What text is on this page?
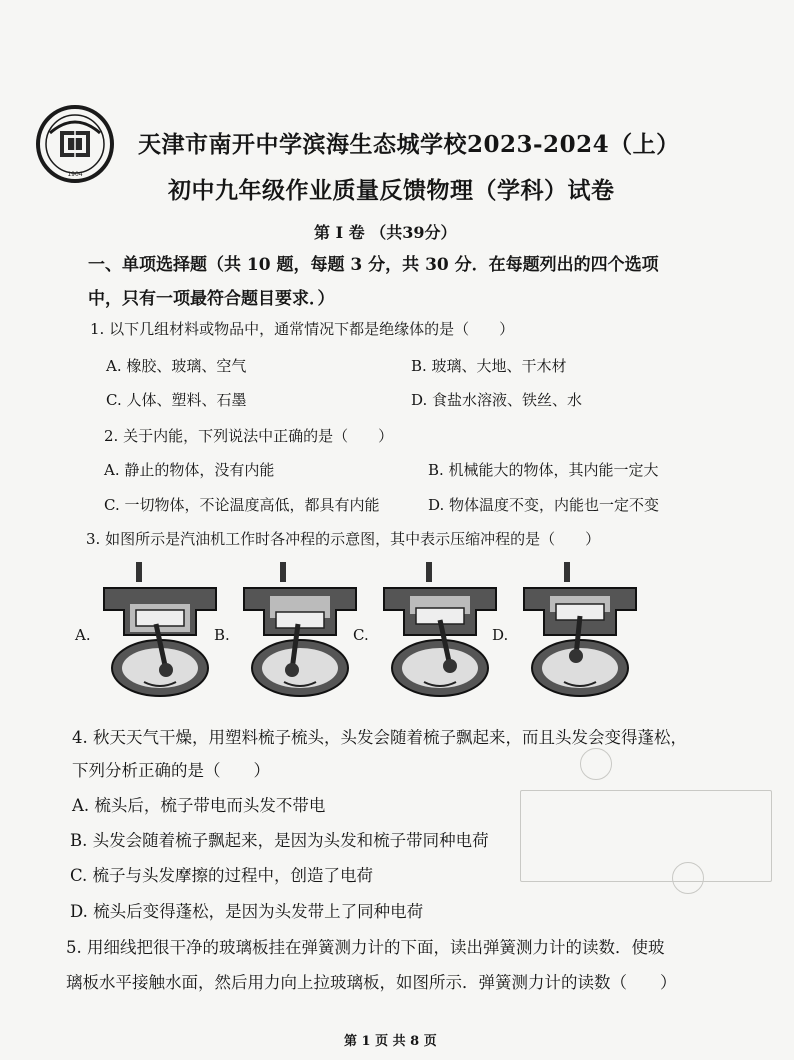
1904
天津市南开中学滨海生态城学校2023-2024（上）
初中九年级作业质量反馈物理（学科）试卷
第 I 卷 （共39分）
一、单项选择题（共 10 题，每题 3 分，共 30 分．在每题列出的四个选项
中，只有一项最符合题目要求．）
1. 以下几组材料或物品中，通常情况下都是绝缘体的是（　　）
A. 橡胶、玻璃、空气	B. 玻璃、大地、干木材
C. 人体、塑料、石墨	D. 食盐水溶液、铁丝、水
2. 关于内能，下列说法中正确的是（　　）
A. 静止的物体，没有内能	B. 机械能大的物体，其内能一定大
C. 一切物体，不论温度高低，都具有内能	D. 物体温度不变，内能也一定不变
3. 如图所示是汽油机工作时各冲程的示意图，其中表示压缩冲程的是（　　）
A.	B.	C.	D.
4. 秋天天气干燥，用塑料梳子梳头，头发会随着梳子飘起来，而且头发会变得蓬松，
下列分析正确的是（　　）
A. 梳头后，梳子带电而头发不带电
B. 头发会随着梳子飘起来，是因为头发和梳子带同种电荷
C. 梳子与头发摩擦的过程中，创造了电荷
D. 梳头后变得蓬松，是因为头发带上了同种电荷
5. 用细线把很干净的玻璃板挂在弹簧测力计的下面，读出弹簧测力计的读数．使玻
璃板水平接触水面，然后用力向上拉玻璃板，如图所示．弹簧测力计的读数（　　）
第 1 页 共 8 页
